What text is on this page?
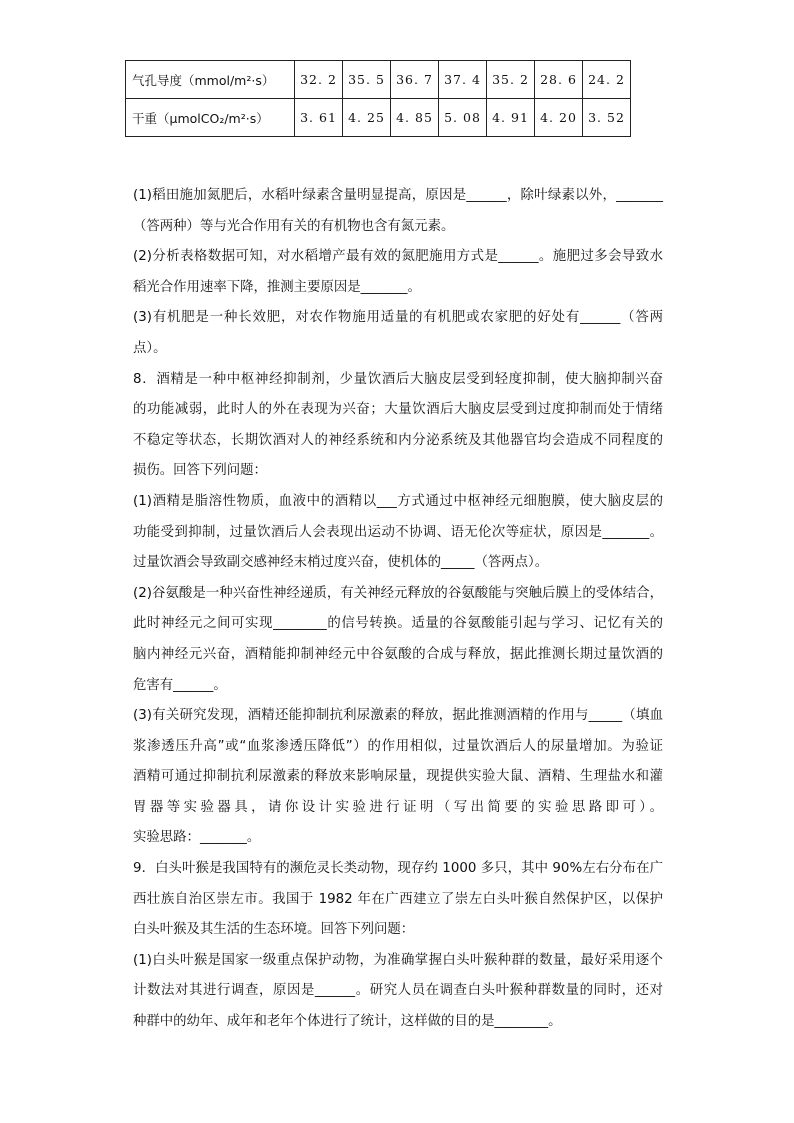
气孔导度（mmol/m²·s）	32. 2	35. 5	36. 7	37. 4	35. 2	28. 6	24. 2
干重（μmolCO₂/m²·s）	3. 61	4. 25	4. 85	5. 08	4. 91	4. 20	3. 52
(1)稻田施加氮肥后，水稻叶绿素含量明显提高，原因是______，除叶绿素以外，_______
（答两种）等与光合作用有关的有机物也含有氮元素。
(2)分析表格数据可知，对水稻增产最有效的氮肥施用方式是______。施肥过多会导致水
稻光合作用速率下降，推测主要原因是_______。
(3)有机肥是一种长效肥，对农作物施用适量的有机肥或农家肥的好处有______（答两
点）。
8．酒精是一种中枢神经抑制剂，少量饮酒后大脑皮层受到轻度抑制，使大脑抑制兴奋
的功能减弱，此时人的外在表现为兴奋；大量饮酒后大脑皮层受到过度抑制而处于情绪
不稳定等状态，长期饮酒对人的神经系统和内分泌系统及其他器官均会造成不同程度的
损伤。回答下列问题：
(1)酒精是脂溶性物质，血液中的酒精以___方式通过中枢神经元细胞膜，使大脑皮层的
功能受到抑制，过量饮酒后人会表现出运动不协调、语无伦次等症状，原因是_______。
过量饮酒会导致副交感神经末梢过度兴奋，使机体的_____（答两点）。
(2)谷氨酸是一种兴奋性神经递质，有关神经元释放的谷氨酸能与突触后膜上的受体结合，
此时神经元之间可实现________的信号转换。适量的谷氨酸能引起与学习、记忆有关的
脑内神经元兴奋，酒精能抑制神经元中谷氨酸的合成与释放，据此推测长期过量饮酒的
危害有______。
(3)有关研究发现，酒精还能抑制抗利尿激素的释放，据此推测酒精的作用与_____（填血
浆渗透压升高”或“血浆渗透压降低”）的作用相似，过量饮酒后人的尿量增加。为验证
酒精可通过抑制抗利尿激素的释放来影响尿量，现提供实验大鼠、酒精、生理盐水和灌
胃器等实验器具，请你设计实验进行证明（写出简要的实验思路即可）。
实验思路：_______。
9．白头叶猴是我国特有的濒危灵长类动物，现存约 1000 多只，其中 90%左右分布在广
西壮族自治区崇左市。我国于 1982 年在广西建立了崇左白头叶猴自然保护区，以保护
白头叶猴及其生活的生态环境。回答下列问题：
(1)白头叶猴是国家一级重点保护动物，为准确掌握白头叶猴种群的数量，最好采用逐个
计数法对其进行调查，原因是______。研究人员在调查白头叶猴种群数量的同时，还对
种群中的幼年、成年和老年个体进行了统计，这样做的目的是________。
